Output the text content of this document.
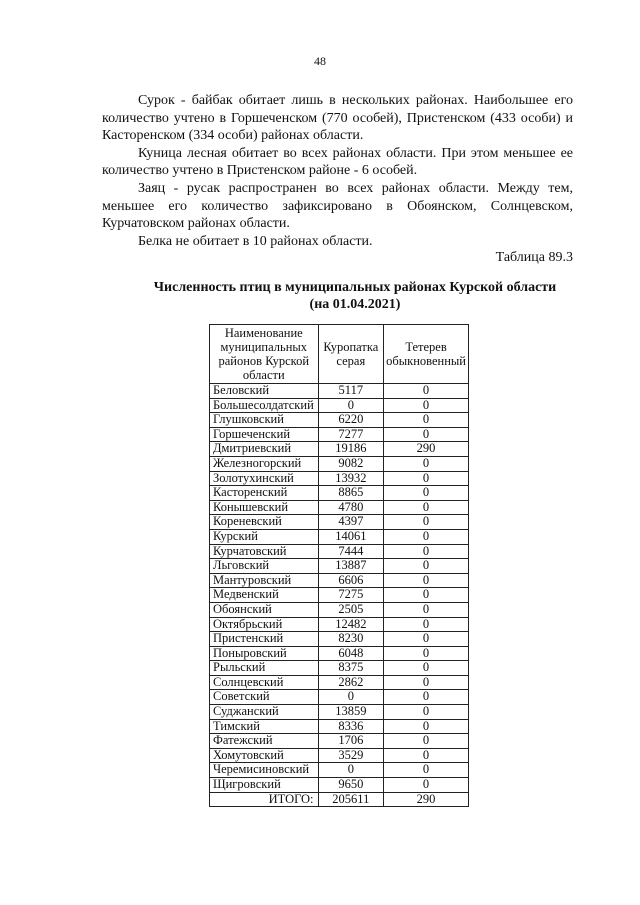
48

Сурок - байбак обитает лишь в нескольких районах. Наибольшее его количество учтено в Горшеченском (770 особей), Пристенском (433 особи) и Касторенском (334 особи) районах области.

Куница лесная обитает во всех районах области. При этом меньшее ее количество учтено в Пристенском районе - 6 особей.

Заяц - русак распространен во всех районах области. Между тем, меньшее его количество зафиксировано в Обоянском, Солнцевском, Курчатовском районах области.

Белка не обитает в 10 районах области.

Таблица 89.3
Численность птиц в муниципальных районах Курской области
(на 01.04.2021)
Наименование муниципальных районов Курской области	Куропатка серая	Тетерев обыкновенный
Беловский	5117	0
Большесолдатский	0	0
Глушковский	6220	0
Горшеченский	7277	0
Дмитриевский	19186	290
Железногорский	9082	0
Золотухинский	13932	0
Касторенский	8865	0
Конышевский	4780	0
Кореневский	4397	0
Курский	14061	0
Курчатовский	7444	0
Льговский	13887	0
Мантуровский	6606	0
Медвенский	7275	0
Обоянский	2505	0
Октябрьский	12482	0
Пристенский	8230	0
Поныровский	6048	0
Рыльский	8375	0
Солнцевский	2862	0
Советский	0	0
Суджанский	13859	0
Тимский	8336	0
Фатежский	1706	0
Хомутовский	3529	0
Черемисиновский	0	0
Щигровский	9650	0
ИТОГО:	205611	290
